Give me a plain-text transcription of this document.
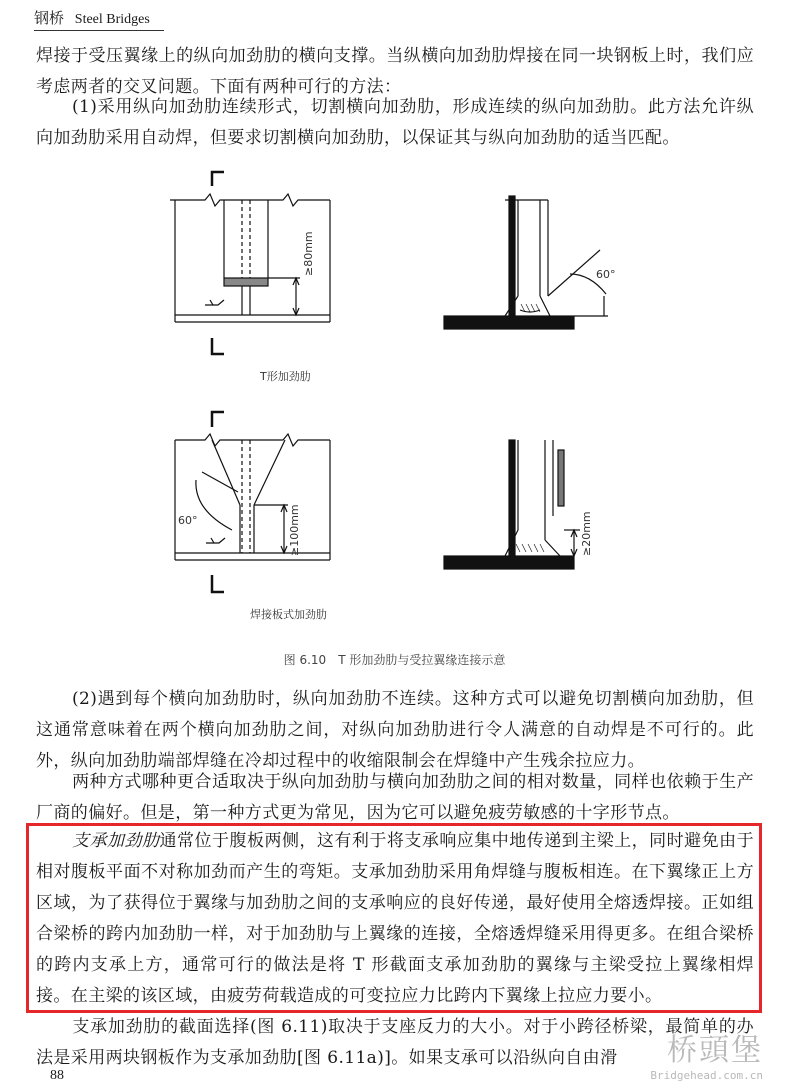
钢桥 Steel Bridges
焊接于受压翼缘上的纵向加劲肋的横向支撑。当纵横向加劲肋焊接在同一块钢板上时，我们应考虑两者的交叉问题。下面有两种可行的方法：
(1)采用纵向加劲肋连续形式，切割横向加劲肋，形成连续的纵向加劲肋。此方法允许纵向加劲肋采用自动焊，但要求切割横向加劲肋，以保证其与纵向加劲肋的适当匹配。
T形加劲肋
焊接板式加劲肋
≥80mm
≥100mm	≥20mm
60°
60°
图 6.10　T 形加劲肋与受拉翼缘连接示意
(2)遇到每个横向加劲肋时，纵向加劲肋不连续。这种方式可以避免切割横向加劲肋，但这通常意味着在两个横向加劲肋之间，对纵向加劲肋进行令人满意的自动焊是不可行的。此外，纵向加劲肋端部焊缝在冷却过程中的收缩限制会在焊缝中产生残余拉应力。
两种方式哪种更合适取决于纵向加劲肋与横向加劲肋之间的相对数量，同样也依赖于生产厂商的偏好。但是，第一种方式更为常见，因为它可以避免疲劳敏感的十字形节点。
支承加劲肋通常位于腹板两侧，这有利于将支承响应集中地传递到主梁上，同时避免由于相对腹板平面不对称加劲而产生的弯矩。支承加劲肋采用角焊缝与腹板相连。在下翼缘正上方区域，为了获得位于翼缘与加劲肋之间的支承响应的良好传递，最好使用全熔透焊接。正如组合梁桥的跨内加劲肋一样，对于加劲肋与上翼缘的连接，全熔透焊缝采用得更多。在组合梁桥的跨内支承上方，通常可行的做法是将 T 形截面支承加劲肋的翼缘与主梁受拉上翼缘相焊接。在主梁的该区域，由疲劳荷载造成的可变拉应力比跨内下翼缘上拉应力要小。
支承加劲肋的截面选择(图 6.11)取决于支座反力的大小。对于小跨径桥梁，最简单的办法是采用两块钢板作为支承加劲肋[图 6.11a)]。如果支承可以沿纵向自由滑
88
桥頭堡
Bridgehead.com.cn
